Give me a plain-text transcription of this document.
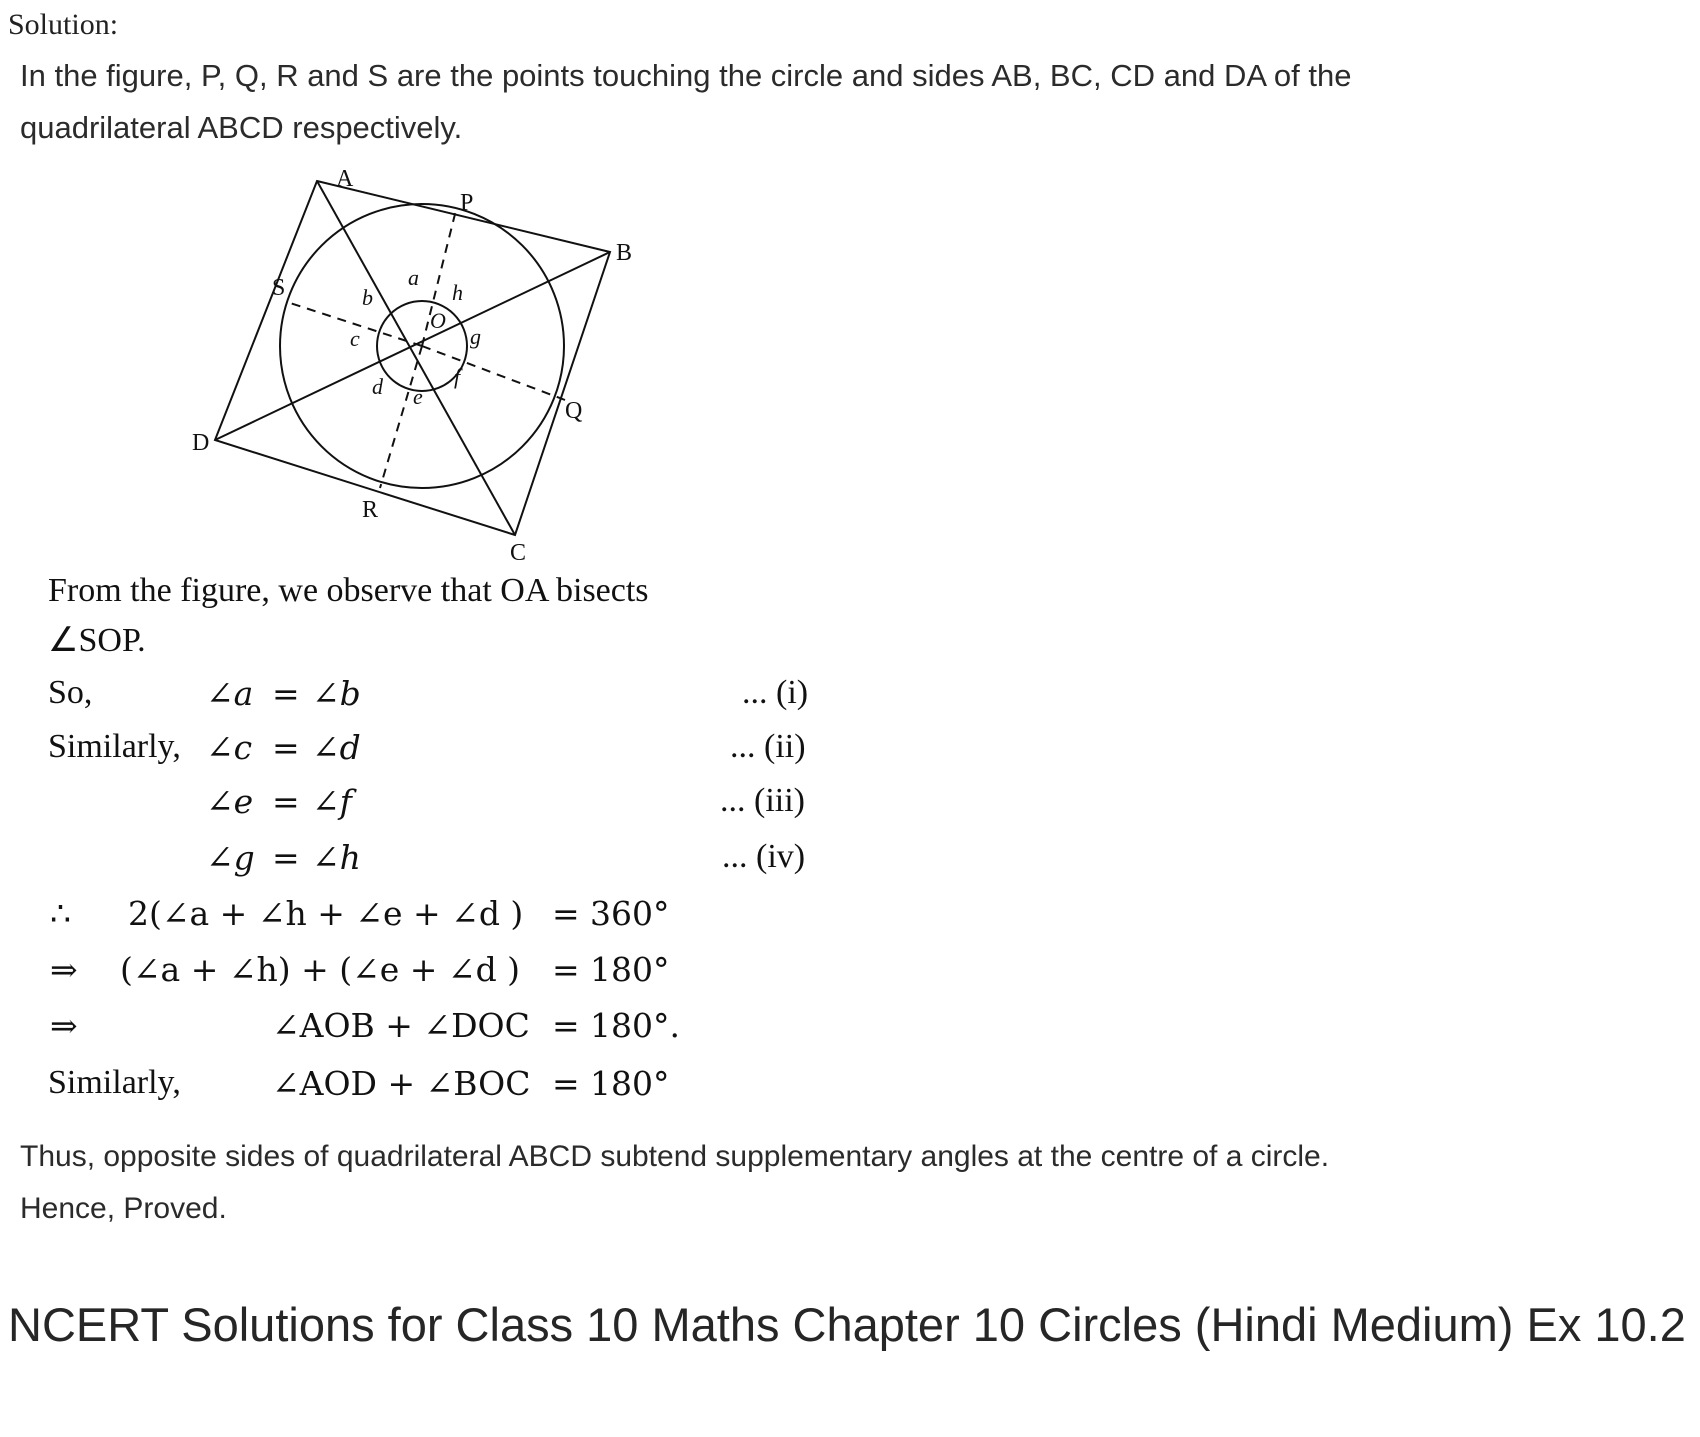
Solution:
In the figure, P, Q, R and S are the points touching the circle and sides AB, BC, CD and DA of the
quadrilateral ABCD respectively.
A
B
C
D
P
Q
R
S
O
a
b
c
d e
f
g
h
From the figure, we observe that OA bisects
∠SOP.
So,	∠a = ∠b	... (i)
Similarly, ∠c = ∠d	... (ii)
∠e = ∠f	... (iii)
∠g = ∠h	... (iv)
∴ 2(∠a + ∠h + ∠e + ∠d ) = 360°
⇒ (∠a + ∠h) + (∠e + ∠d ) = 180°
⇒	∠AOB + ∠DOC = 180°.
Similarly,	∠AOD + ∠BOC = 180°
Thus, opposite sides of quadrilateral ABCD subtend supplementary angles at the centre of a circle.
Hence, Proved.
NCERT Solutions for Class 10 Maths Chapter 10 Circles (Hindi Medium) Ex 10.2
